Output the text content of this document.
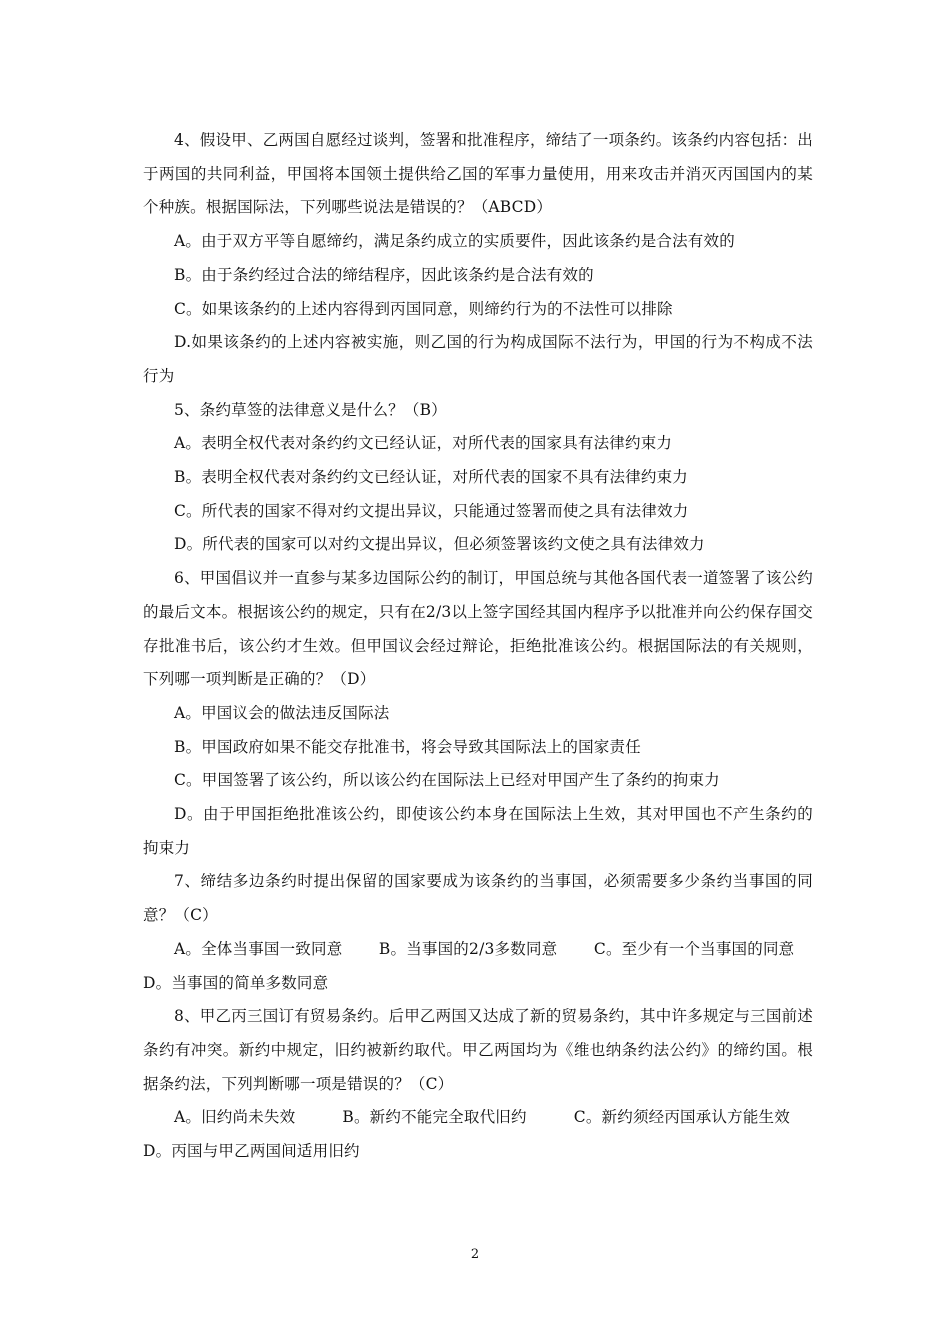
4、假设甲、乙两国自愿经过谈判，签署和批准程序，缔结了一项条约。该条约内容包括：出于两国的共同利益，甲国将本国领土提供给乙国的军事力量使用，用来攻击并消灭丙国国内的某个种族。根据国际法，下列哪些说法是错误的？（ABCD）

A。由于双方平等自愿缔约，满足条约成立的实质要件，因此该条约是合法有效的

B。由于条约经过合法的缔结程序，因此该条约是合法有效的

C。如果该条约的上述内容得到丙国同意，则缔约行为的不法性可以排除

D.如果该条约的上述内容被实施，则乙国的行为构成国际不法行为，甲国的行为不构成不法行为

5、条约草签的法律意义是什么？（B）

A。表明全权代表对条约约文已经认证，对所代表的国家具有法律约束力

B。表明全权代表对条约约文已经认证，对所代表的国家不具有法律约束力

C。所代表的国家不得对约文提出异议，只能通过签署而使之具有法律效力

D。所代表的国家可以对约文提出异议，但必须签署该约文使之具有法律效力

6、甲国倡议并一直参与某多边国际公约的制订，甲国总统与其他各国代表一道签署了该公约的最后文本。根据该公约的规定，只有在2/3以上签字国经其国内程序予以批准并向公约保存国交存批准书后，该公约才生效。但甲国议会经过辩论，拒绝批准该公约。根据国际法的有关规则，下列哪一项判断是正确的？（D）

A。甲国议会的做法违反国际法

B。甲国政府如果不能交存批准书，将会导致其国际法上的国家责任

C。甲国签署了该公约，所以该公约在国际法上已经对甲国产生了条约的拘束力

D。由于甲国拒绝批准该公约，即使该公约本身在国际法上生效，其对甲国也不产生条约的拘束力

7、缔结多边条约时提出保留的国家要成为该条约的当事国，必须需要多少条约当事国的同意？（C）

A。全体当事国一致同意　　 B。当事国的2/3多数同意　　 C。至少有一个当事国的同意

D。当事国的简单多数同意

8、甲乙丙三国订有贸易条约。后甲乙两国又达成了新的贸易条约，其中许多规定与三国前述条约有冲突。新约中规定，旧约被新约取代。甲乙两国均为《维也纳条约法公约》的缔约国。根据条约法，下列判断哪一项是错误的？（C）

A。旧约尚未失效　　　B。新约不能完全取代旧约　　　C。新约须经丙国承认方能生效

D。丙国与甲乙两国间适用旧约

2
